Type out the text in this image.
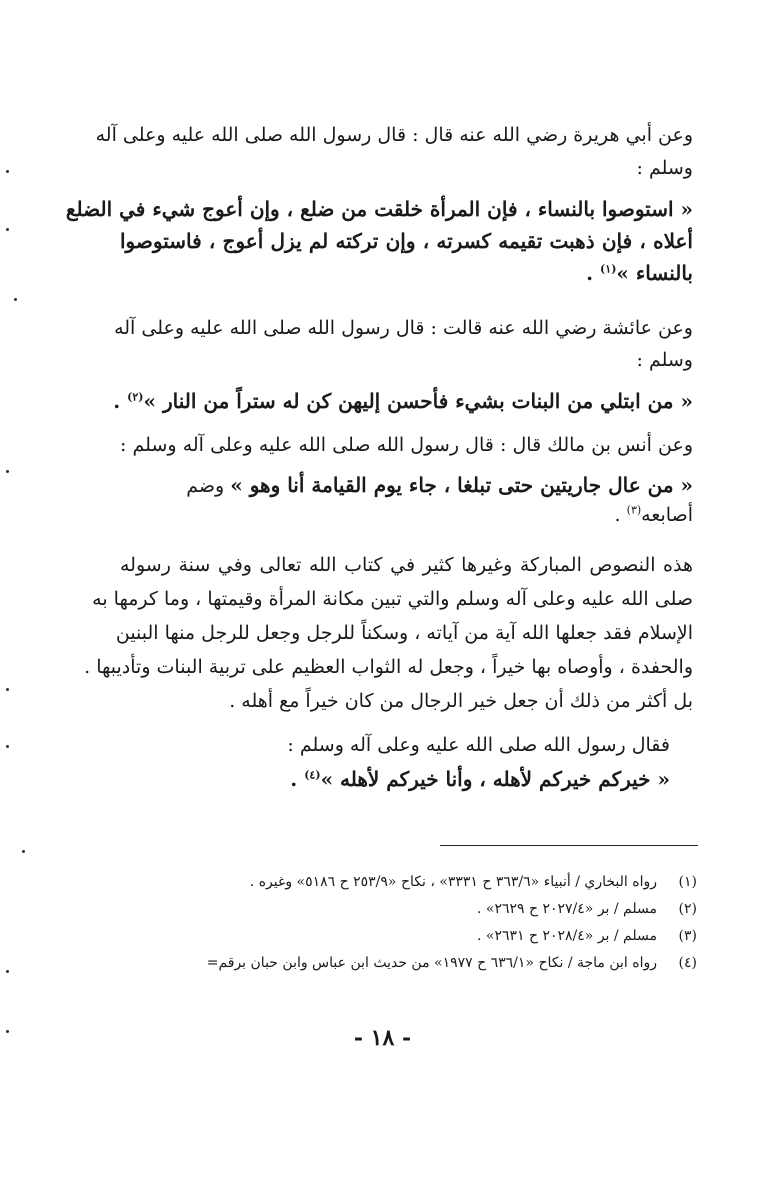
وعن أبي هريرة رضي الله عنه قال : قال رسول الله صلى الله عليه وعلى آله
وسلم :
« استوصوا بالنساء ، فإن المرأة خلقت من ضلع ، وإن أعوج شيء في الضلع
أعلاه ، فإن ذهبت تقيمه كسرته ، وإن تركته لم يزل أعوج ، فاستوصوا
بالنساء »$^{(١)}$ .
وعن عائشة رضي الله عنه قالت : قال رسول الله صلى الله عليه وعلى آله
وسلم :
« من ابتلي من البنات بشيء فأحسن إليهن كن له ستراً من النار »$^{(٢)}$ .
وعن أنس بن مالك قال : قال رسول الله صلى الله عليه وعلى آله وسلم :
« من عال جاريتين حتى تبلغا ، جاء يوم القيامة أنا وهو » وضم
أصابعه$^{(٣)}$ .
هذه النصوص المباركة وغيرها كثير في كتاب الله تعالى وفي سنة رسوله
صلى الله عليه وعلى آله وسلم والتي تبين مكانة المرأة وقيمتها ، وما كرمها به
الإسلام فقد جعلها الله آية من آياته ، وسكناً للرجل وجعل للرجل منها البنين
والحفدة ، وأوصاه بها خيراً ، وجعل له الثواب العظيم على تربية البنات وتأديبها .
بل أكثر من ذلك أن جعل خير الرجال من كان خيراً مع أهله .
فقال رسول الله صلى الله عليه وعلى آله وسلم :
« خيركم خيركم لأهله ، وأنا خيركم لأهله »$^{(٤)}$ .
(١)رواه البخاري / أنبياء «٣٦٣/٦ ح ٣٣٣١» ، نكاح «٢٥٣/٩ ح ٥١٨٦» وغيره .
(٢)مسلم / بر «٢٠٢٧/٤ ح ٢٦٢٩» .
(٣)مسلم / بر «٢٠٢٨/٤ ح ٢٦٣١» .
(٤)رواه ابن ماجة / نكاح «٦٣٦/١ ح ١٩٧٧» من حديث ابن عباس وابن حبان برقم=
- ١٨ -
